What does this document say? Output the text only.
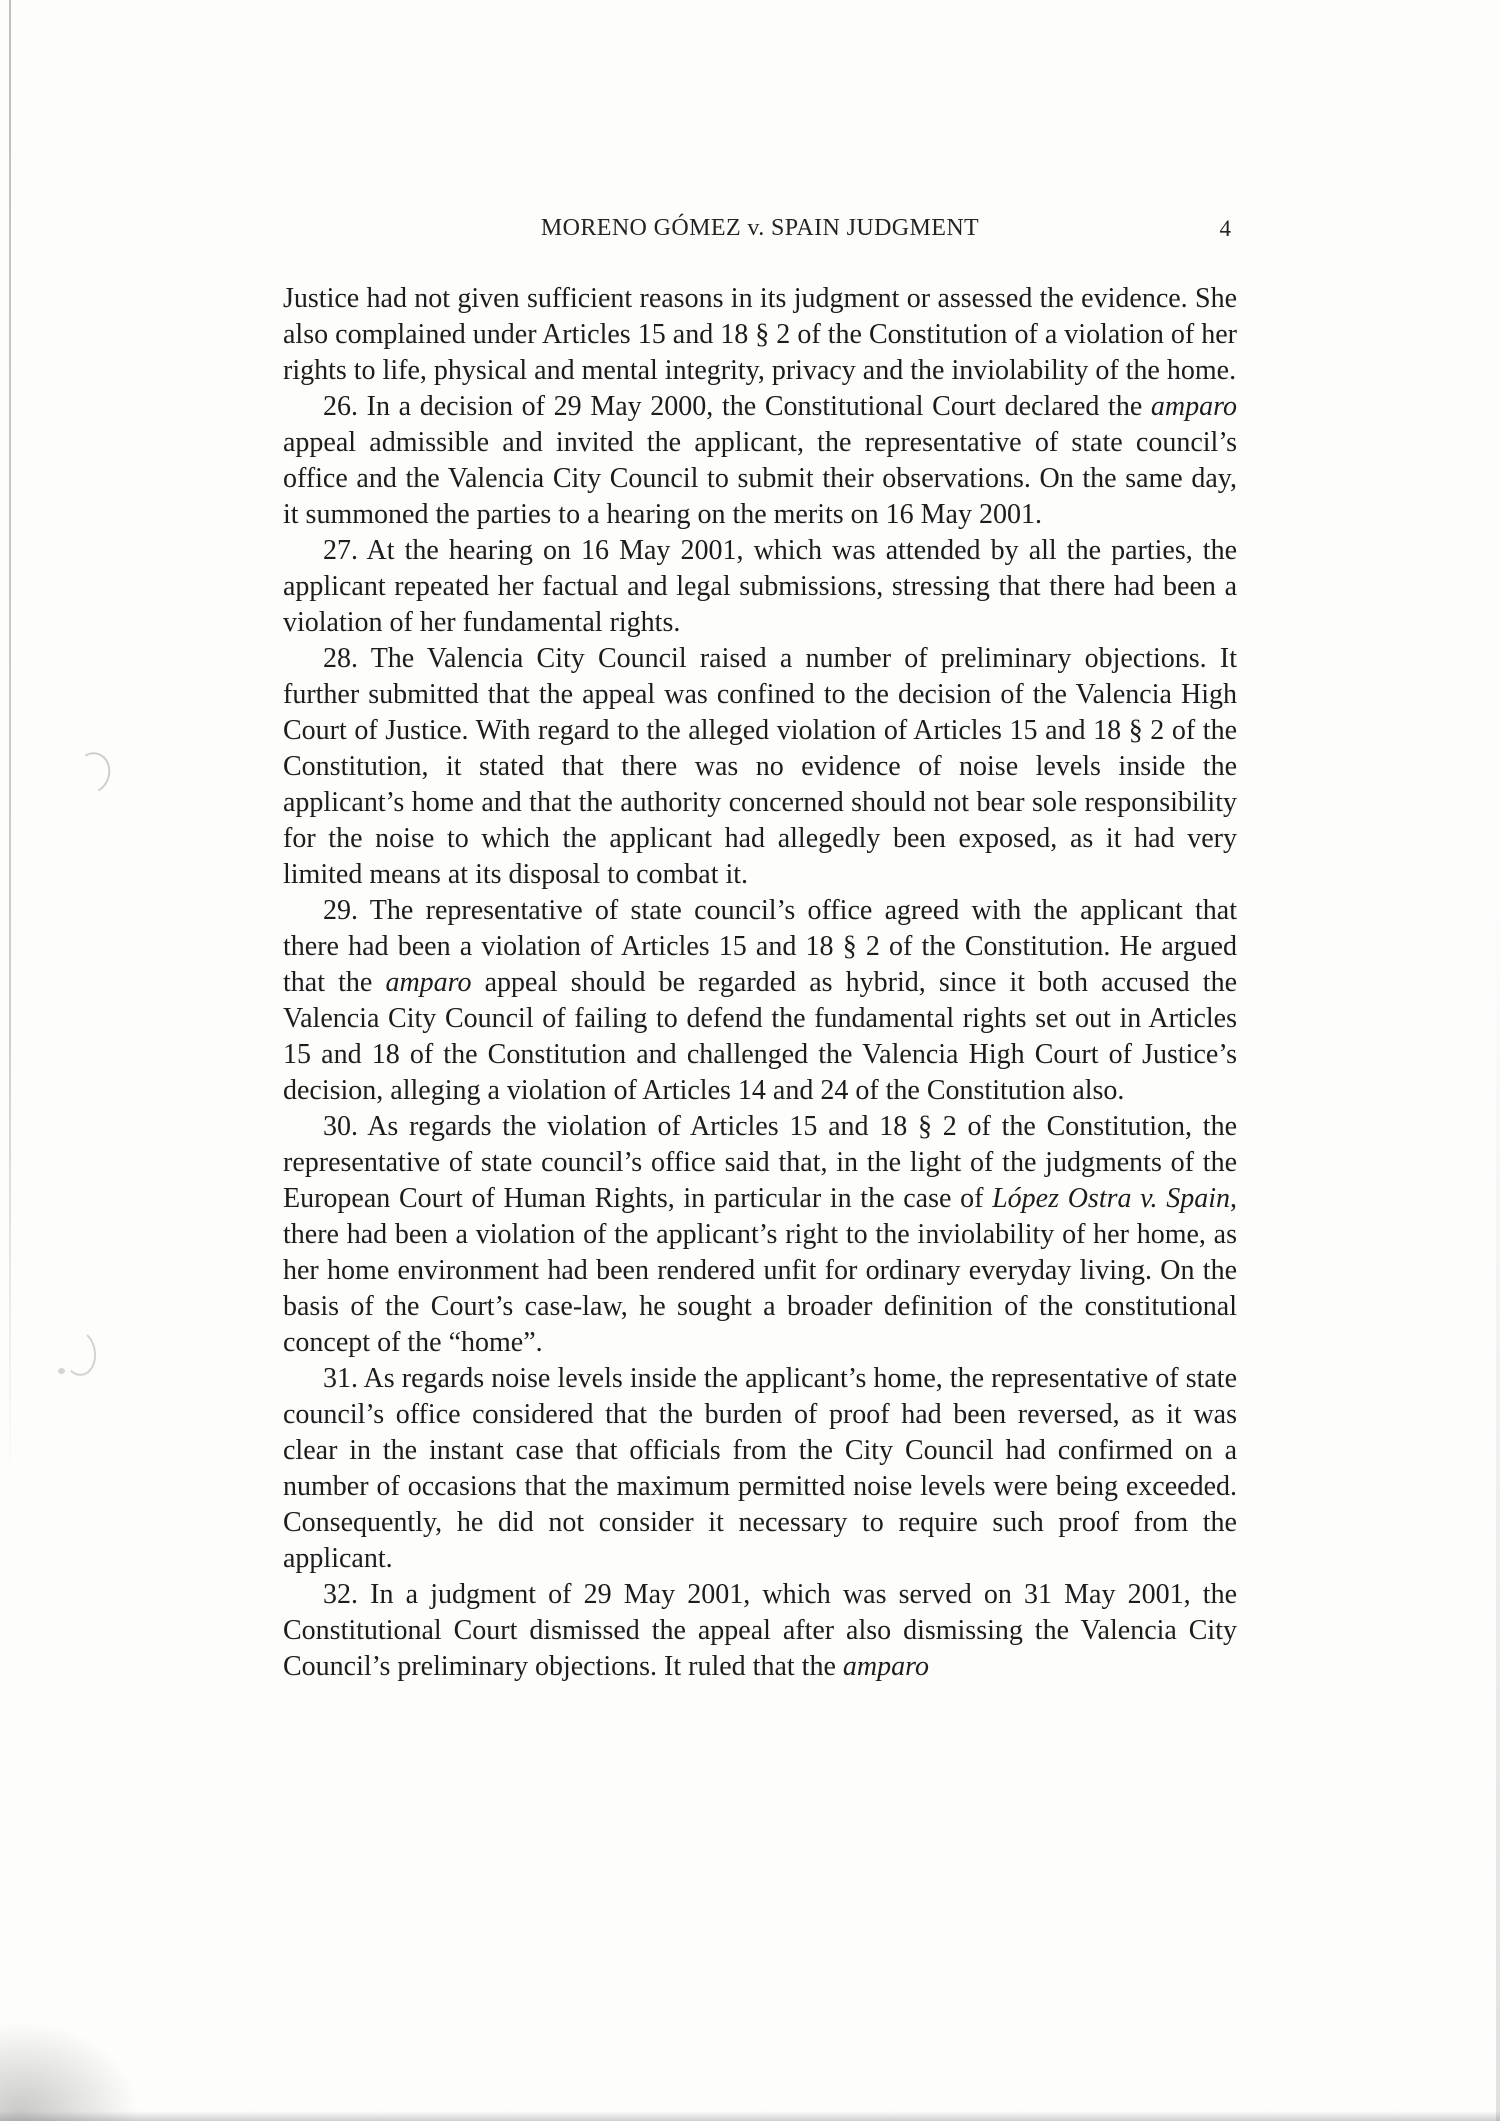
MORENO GÓMEZ v. SPAIN JUDGMENT	4

Justice had not given sufficient reasons in its judgment or assessed the evidence. She also complained under Articles 15 and 18 § 2 of the Constitution of a violation of her rights to life, physical and mental integrity, privacy and the inviolability of the home.

26. In a decision of 29 May 2000, the Constitutional Court declared the amparo appeal admissible and invited the applicant, the representative of state council’s office and the Valencia City Council to submit their observations. On the same day, it summoned the parties to a hearing on the merits on 16 May 2001.

27. At the hearing on 16 May 2001, which was attended by all the parties, the applicant repeated her factual and legal submissions, stressing that there had been a violation of her fundamental rights.

28. The Valencia City Council raised a number of preliminary objections. It further submitted that the appeal was confined to the decision of the Valencia High Court of Justice. With regard to the alleged violation of Articles 15 and 18 § 2 of the Constitution, it stated that there was no evidence of noise levels inside the applicant’s home and that the authority concerned should not bear sole responsibility for the noise to which the applicant had allegedly been exposed, as it had very limited means at its disposal to combat it.

29. The representative of state council’s office agreed with the applicant that there had been a violation of Articles 15 and 18 § 2 of the Constitution. He argued that the amparo appeal should be regarded as hybrid, since it both accused the Valencia City Council of failing to defend the fundamental rights set out in Articles 15 and 18 of the Constitution and challenged the Valencia High Court of Justice’s decision, alleging a violation of Articles 14 and 24 of the Constitution also.

30. As regards the violation of Articles 15 and 18 § 2 of the Constitution, the representative of state council’s office said that, in the light of the judgments of the European Court of Human Rights, in particular in the case of López Ostra v. Spain, there had been a violation of the applicant’s right to the inviolability of her home, as her home environment had been rendered unfit for ordinary everyday living. On the basis of the Court’s case-law, he sought a broader definition of the constitutional concept of the “home”.

31. As regards noise levels inside the applicant’s home, the representative of state council’s office considered that the burden of proof had been reversed, as it was clear in the instant case that officials from the City Council had confirmed on a number of occasions that the maximum permitted noise levels were being exceeded. Consequently, he did not consider it necessary to require such proof from the applicant.

32. In a judgment of 29 May 2001, which was served on 31 May 2001, the Constitutional Court dismissed the appeal after also dismissing the Valencia City Council’s preliminary objections. It ruled that the amparo
